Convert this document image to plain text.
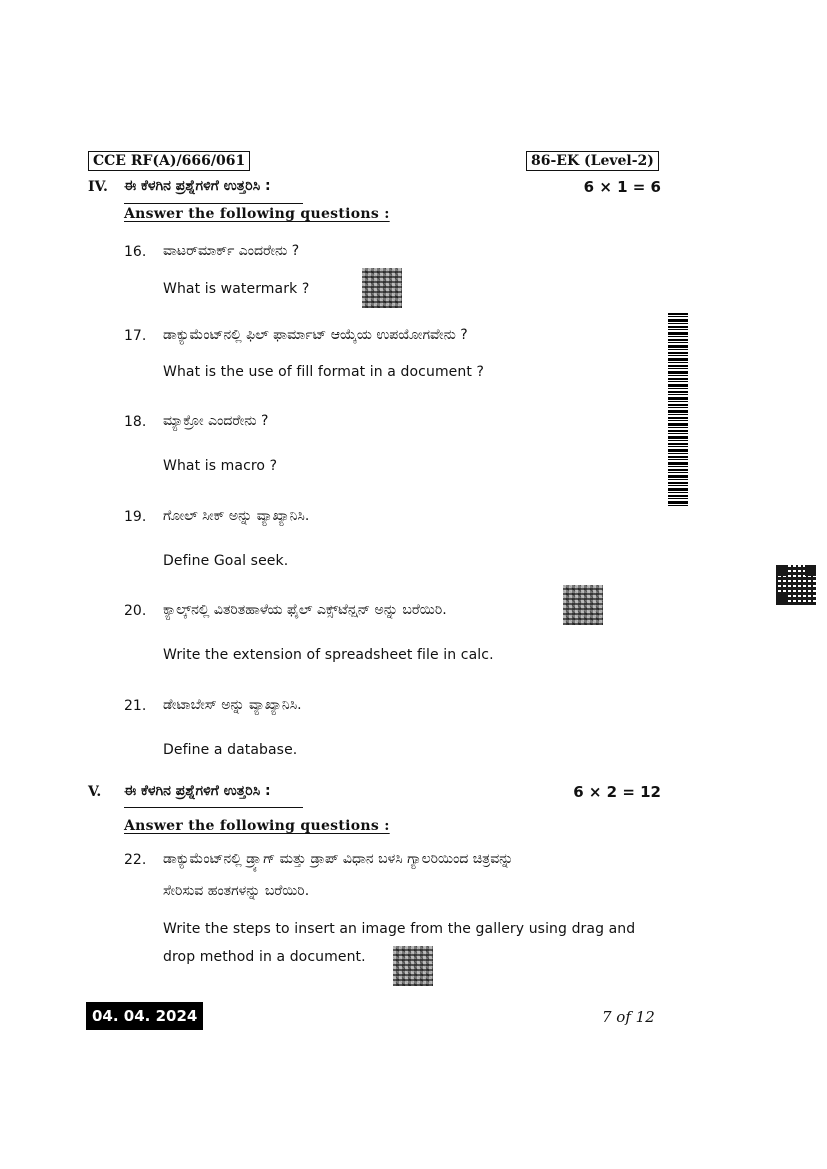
CCE RF(A)/666/061	86-EK (Level-2)
IV. ಈ ಕೆಳಗಿನ ಪ್ರಶ್ನೆಗಳಿಗೆ ಉತ್ತರಿಸಿ :	6 × 1 = 6
Answer the following questions :
16. ವಾಟರ್‌ಮಾರ್ಕ್ ಎಂದರೇನು ?
What is watermark ?
17. ಡಾಕ್ಯುಮೆಂಟ್‌ನಲ್ಲಿ ಫಿಲ್ ಫಾರ್ಮಾಟ್ ಆಯ್ಕೆಯ ಉಪಯೋಗವೇನು ?
What is the use of fill format in a document ?
18. ಮ್ಯಾಕ್ರೋ ಎಂದರೇನು ?
What is macro ?
19. ಗೋಲ್ ಸೀಕ್ ಅನ್ನು ವ್ಯಾಖ್ಯಾನಿಸಿ.
Define Goal seek.
20. ಕ್ಯಾಲ್ಕ್‌ನಲ್ಲಿ ವಿತರಿತಹಾಳೆಯ ಫೈಲ್ ಎಕ್ಸ್‌ಟೆನ್ಷನ್ ಅನ್ನು ಬರೆಯಿರಿ.
Write the extension of spreadsheet file in calc.
21. ಡೇಟಾಬೇಸ್ ಅನ್ನು ವ್ಯಾಖ್ಯಾನಿಸಿ.
Define a database.
V. ಈ ಕೆಳಗಿನ ಪ್ರಶ್ನೆಗಳಿಗೆ ಉತ್ತರಿಸಿ :	6 × 2 = 12
Answer the following questions :
22. ಡಾಕ್ಯುಮೆಂಟ್‌ನಲ್ಲಿ ಡ್ರ್ಯಾಗ್ ಮತ್ತು ಡ್ರಾಪ್ ವಿಧಾನ ಬಳಸಿ ಗ್ಯಾಲರಿಯಿಂದ ಚಿತ್ರವನ್ನು
ಸೇರಿಸುವ ಹಂತಗಳನ್ನು ಬರೆಯಿರಿ.
Write the steps to insert an image from the gallery using drag and
drop method in a document.
04. 04. 2024	7 of 12
